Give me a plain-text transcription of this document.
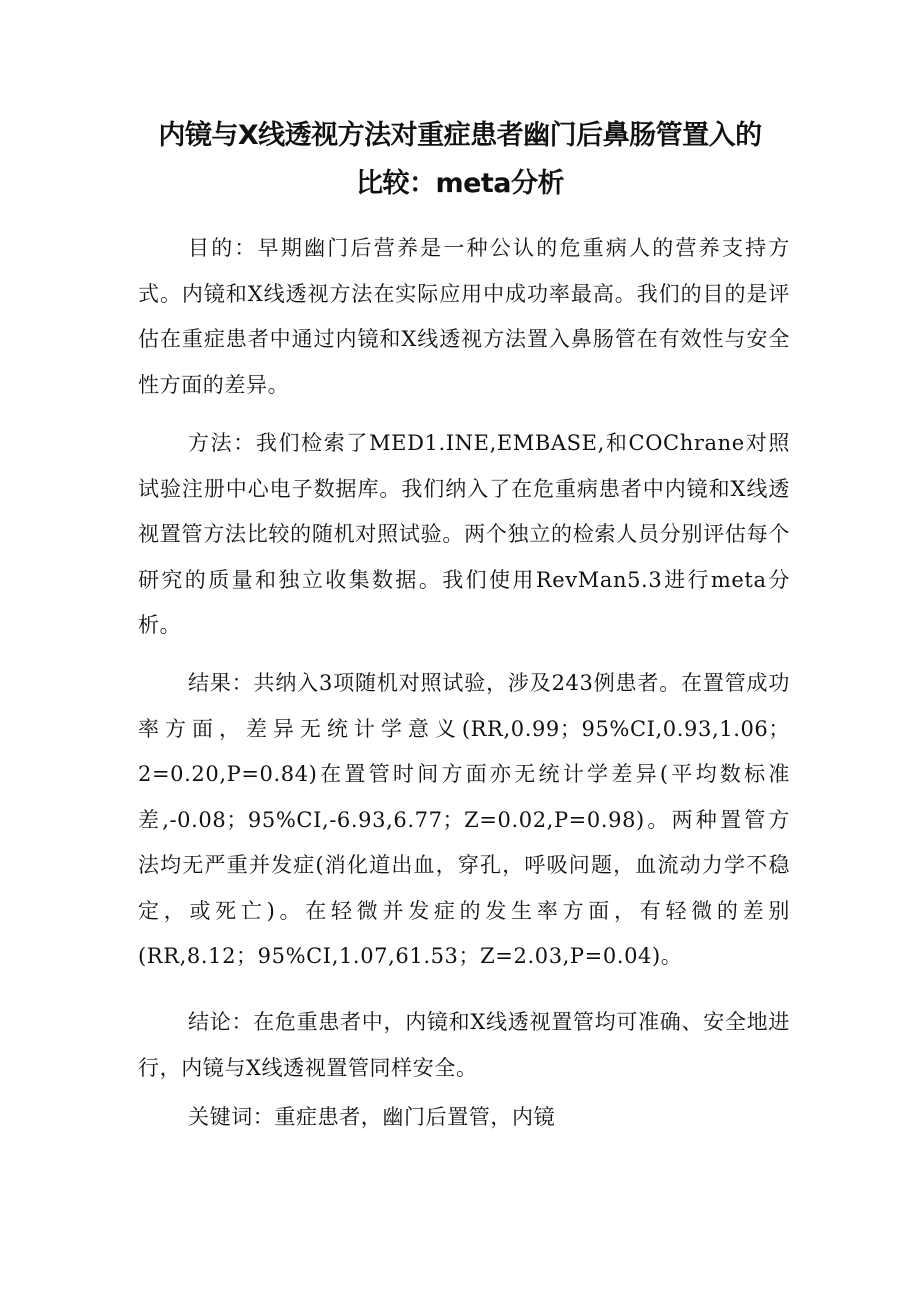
内镜与X线透视方法对重症患者幽门后鼻肠管置入的
比较：meta分析
目的：早期幽门后营养是一种公认的危重病人的营养支持方式。内镜和X线透视方法在实际应用中成功率最高。我们的目的是评估在重症患者中通过内镜和X线透视方法置入鼻肠管在有效性与安全性方面的差异。
方法：我们检索了MED1.INE,EMBASE,和COChrane对照试验注册中心电子数据库。我们纳入了在危重病患者中内镜和X线透视置管方法比较的随机对照试验。两个独立的检索人员分别评估每个研究的质量和独立收集数据。我们使用RevMan5.3进行meta分析。
结果：共纳入3项随机对照试验，涉及243例患者。在置管成功率方面，差异无统计学意义(RR,0.99；95%CI,0.93,1.06；2=0.20,P=0.84)在置管时间方面亦无统计学差异(平均数标准差,-0.08；95%CI,-6.93,6.77；Z=0.02,P=0.98)。两种置管方法均无严重并发症(消化道出血，穿孔，呼吸问题，血流动力学不稳定，或死亡)。在轻微并发症的发生率方面，有轻微的差别(RR,8.12；95%CI,1.07,61.53；Z=2.03,P=0.04)。
结论：在危重患者中，内镜和X线透视置管均可准确、安全地进行，内镜与X线透视置管同样安全。
关键词：重症患者，幽门后置管，内镜
